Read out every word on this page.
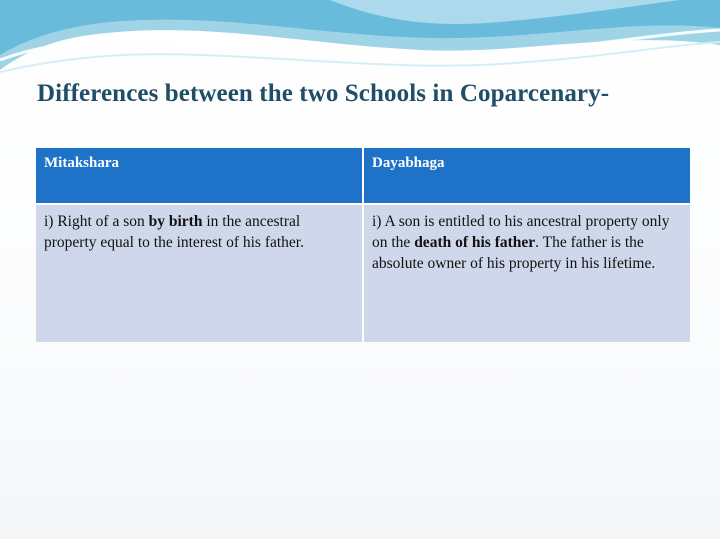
Differences between the two Schools in Coparcenary-
Mitakshara	Dayabhaga
i) Right of a son by birth in the ancestral property equal to the interest of his father.	i) A son is entitled to his ancestral property only on the death of his father. The father is the absolute owner of his property in his lifetime.
